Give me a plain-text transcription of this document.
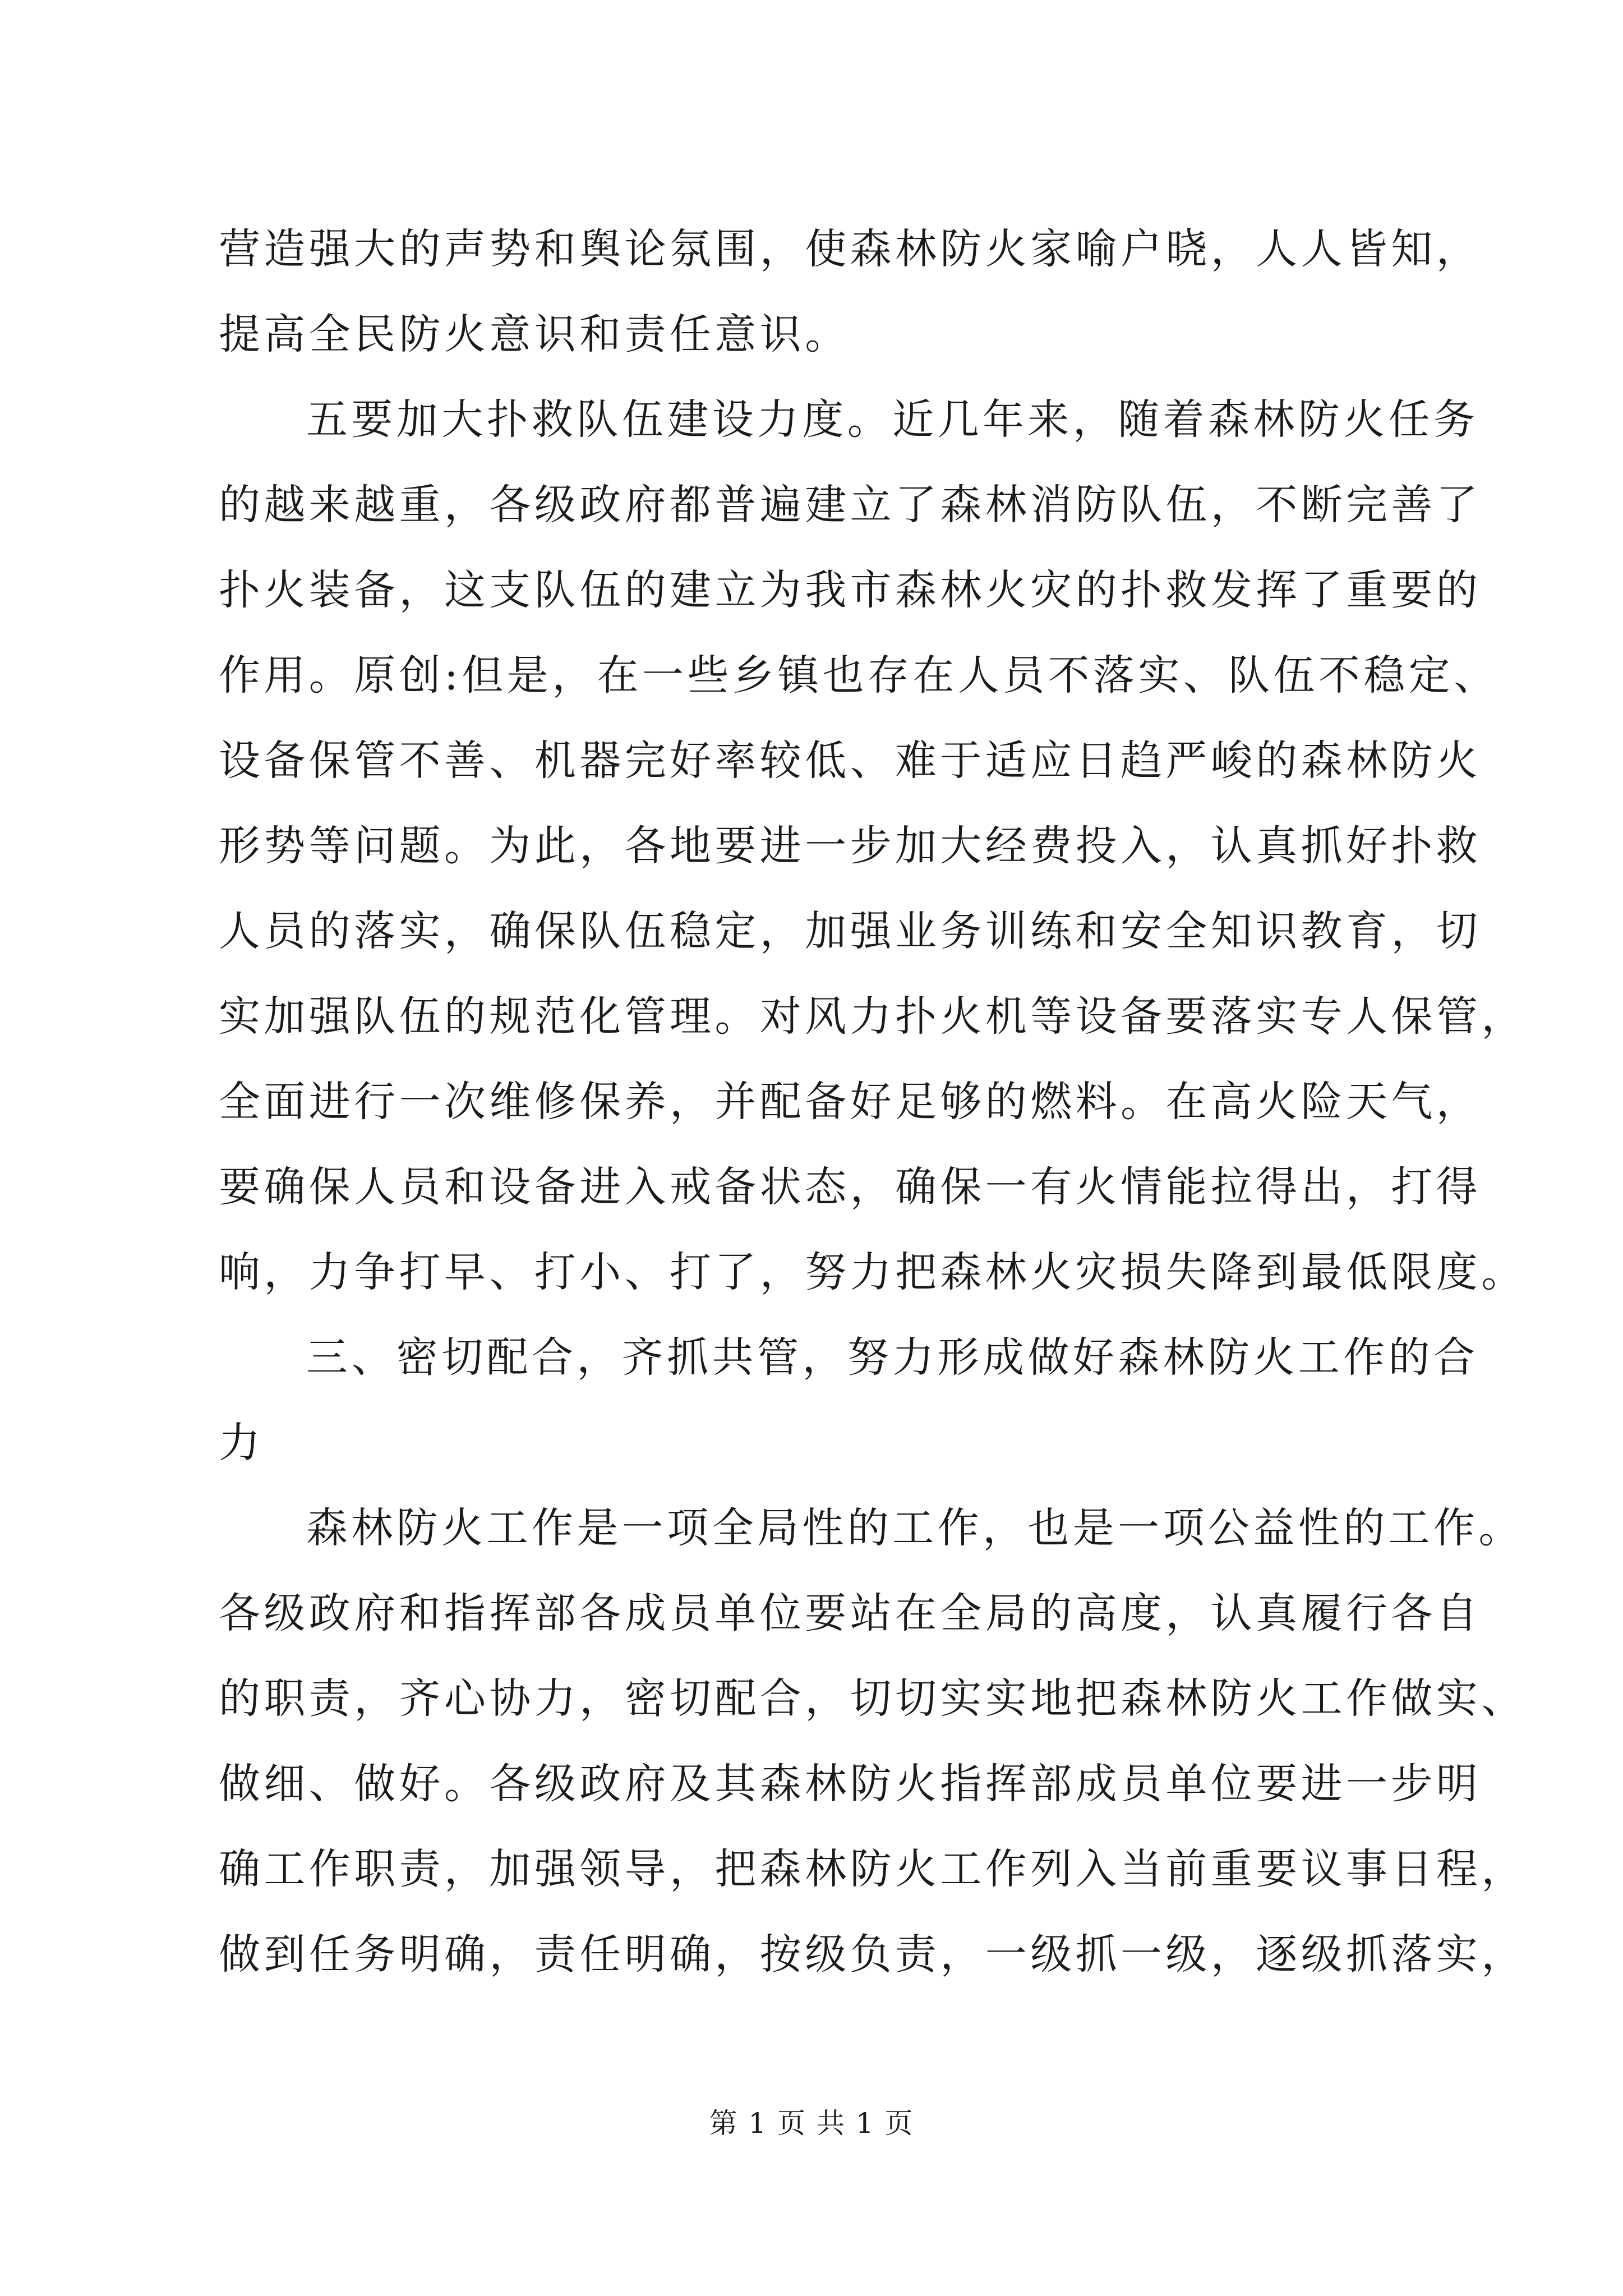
营造强大的声势和舆论氛围，使森林防火家喻户晓，人人皆知，
提高全民防火意识和责任意识。
五要加大扑救队伍建设力度。近几年来，随着森林防火任务
的越来越重，各级政府都普遍建立了森林消防队伍，不断完善了
扑火装备，这支队伍的建立为我市森林火灾的扑救发挥了重要的
作用。原创:但是，在一些乡镇也存在人员不落实、队伍不稳定、
设备保管不善、机器完好率较低、难于适应日趋严峻的森林防火
形势等问题。为此，各地要进一步加大经费投入，认真抓好扑救
人员的落实，确保队伍稳定，加强业务训练和安全知识教育，切
实加强队伍的规范化管理。对风力扑火机等设备要落实专人保管，
全面进行一次维修保养，并配备好足够的燃料。在高火险天气，
要确保人员和设备进入戒备状态，确保一有火情能拉得出，打得
响，力争打早、打小、打了，努力把森林火灾损失降到最低限度。
三、密切配合，齐抓共管，努力形成做好森林防火工作的合
力
森林防火工作是一项全局性的工作，也是一项公益性的工作。
各级政府和指挥部各成员单位要站在全局的高度，认真履行各自
的职责，齐心协力，密切配合，切切实实地把森林防火工作做实、
做细、做好。各级政府及其森林防火指挥部成员单位要进一步明
确工作职责，加强领导，把森林防火工作列入当前重要议事日程，
做到任务明确，责任明确，按级负责，一级抓一级，逐级抓落实，
第 1 页 共 1 页
